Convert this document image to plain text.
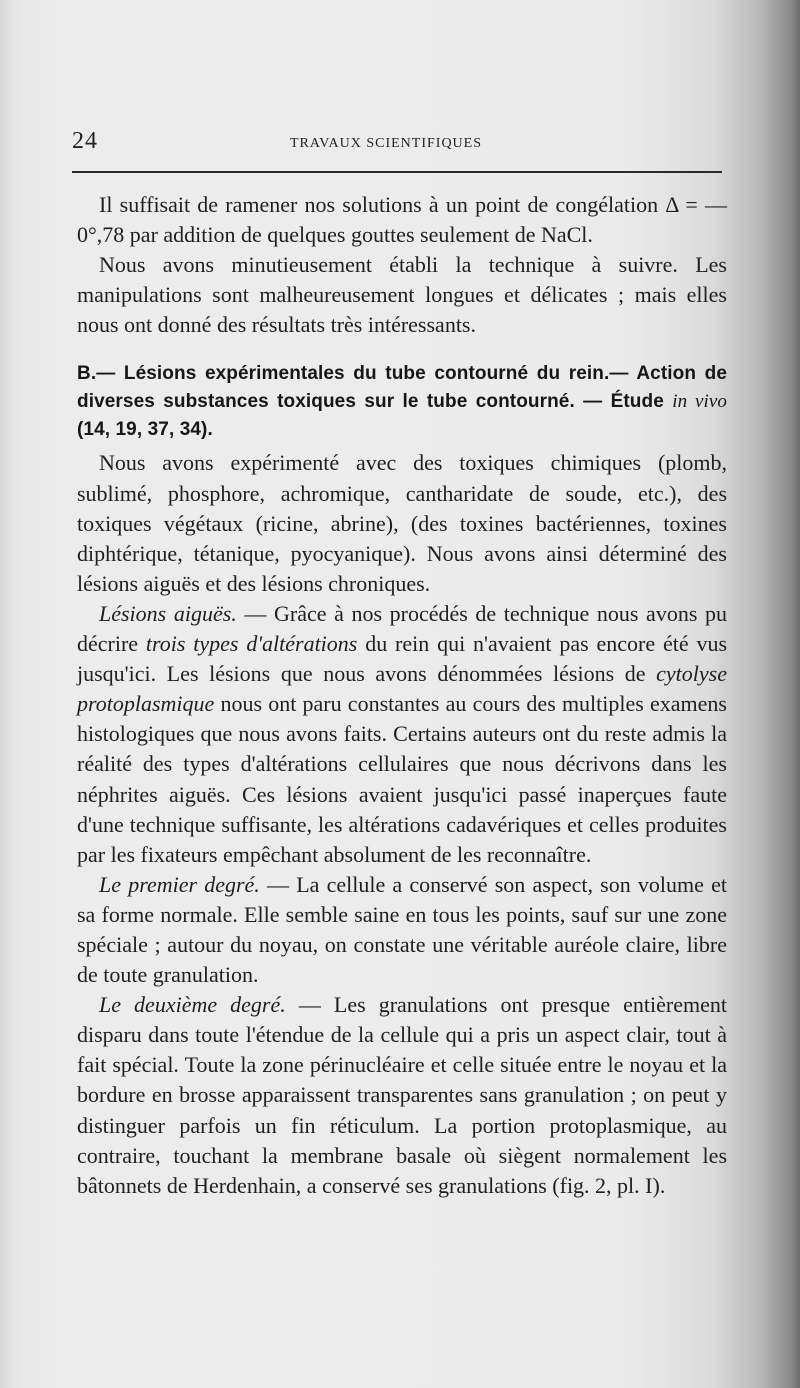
24	TRAVAUX SCIENTIFIQUES

Il suffisait de ramener nos solutions à un point de congélation Δ = — 0°,78 par addition de quelques gouttes seulement de NaCl.

Nous avons minutieusement établi la technique à suivre. Les manipulations sont malheureusement longues et délicates ; mais elles nous ont donné des résultats très intéressants.

B.— Lésions expérimentales du tube contourné du rein.— Action de diverses substances toxiques sur le tube contourné. — Étude in vivo (14, 19, 37, 34).

Nous avons expérimenté avec des toxiques chimiques (plomb, sublimé, phosphore, achromique, cantharidate de soude, etc.), des toxiques végétaux (ricine, abrine), (des toxines bactériennes, toxines diphtérique, tétanique, pyocyanique). Nous avons ainsi déterminé des lésions aiguës et des lésions chroniques.

Lésions aiguës. — Grâce à nos procédés de technique nous avons pu décrire trois types d'altérations du rein qui n'avaient pas encore été vus jusqu'ici. Les lésions que nous avons dénommées lésions de cytolyse protoplasmique nous ont paru constantes au cours des multiples examens histologiques que nous avons faits. Certains auteurs ont du reste admis la réalité des types d'altérations cellulaires que nous décrivons dans les néphrites aiguës. Ces lésions avaient jusqu'ici passé inaperçues faute d'une technique suffisante, les altérations cadavériques et celles produites par les fixateurs empêchant absolument de les reconnaître.

Le premier degré. — La cellule a conservé son aspect, son volume et sa forme normale. Elle semble saine en tous les points, sauf sur une zone spéciale ; autour du noyau, on constate une véritable auréole claire, libre de toute granulation.

Le deuxième degré. — Les granulations ont presque entièrement disparu dans toute l'étendue de la cellule qui a pris un aspect clair, tout à fait spécial. Toute la zone périnucléaire et celle située entre le noyau et la bordure en brosse apparaissent transparentes sans granulation ; on peut y distinguer parfois un fin réticulum. La portion protoplasmique, au contraire, touchant la membrane basale où siègent normalement les bâtonnets de Herdenhain, a conservé ses granulations (fig. 2, pl. I).
